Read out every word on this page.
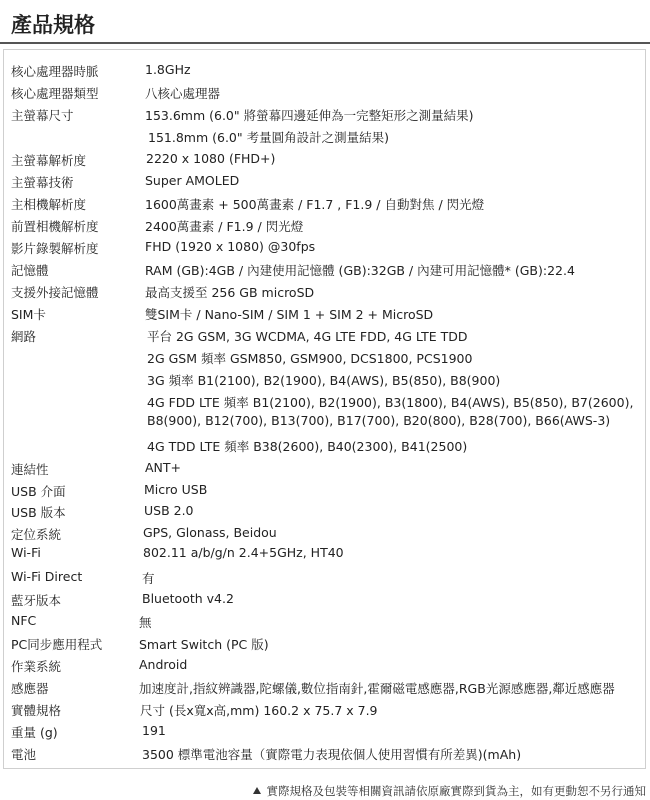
產品規格
核心處理器時脈	1.8GHz
核心處理器類型	八核心處理器
主螢幕尺寸	153.6mm (6.0" 將螢幕四邊延伸為一完整矩形之測量結果)
151.8mm (6.0" 考量圓角設計之測量結果)
主螢幕解析度	2220 x 1080 (FHD+)
主螢幕技術	Super AMOLED
主相機解析度	1600萬畫素 + 500萬畫素 / F1.7 , F1.9 / 自動對焦 / 閃光燈
前置相機解析度	2400萬畫素 / F1.9 / 閃光燈
影片錄製解析度	FHD (1920 x 1080) @30fps
記憶體	RAM (GB):4GB / 內建使用記憶體 (GB):32GB / 內建可用記憶體* (GB):22.4
支援外接記憶體	最高支援至 256 GB microSD
SIM卡	雙SIM卡 / Nano-SIM / SIM 1 + SIM 2 + MicroSD
網路	平台 2G GSM, 3G WCDMA, 4G LTE FDD, 4G LTE TDD
2G GSM 頻率 GSM850, GSM900, DCS1800, PCS1900
3G 頻率 B1(2100), B2(1900), B4(AWS), B5(850), B8(900)
4G FDD LTE 頻率 B1(2100), B2(1900), B3(1800), B4(AWS), B5(850), B7(2600),
B8(900), B12(700), B13(700), B17(700), B20(800), B28(700), B66(AWS-3)
4G TDD LTE 頻率 B38(2600), B40(2300), B41(2500)
連結性	ANT+
USB 介面	Micro USB
USB 版本	USB 2.0
定位系統	GPS, Glonass, Beidou
Wi-Fi	802.11 a/b/g/n 2.4+5GHz, HT40
Wi-Fi Direct	有
藍牙版本	Bluetooth v4.2
NFC	無
PC同步應用程式	Smart Switch (PC 版)
作業系統	Android
感應器	加速度計,指紋辨識器,陀螺儀,數位指南針,霍爾磁電感應器,RGB光源感應器,鄰近感應器
實體規格	尺寸 (長x寬x高,mm) 160.2 x 75.7 x 7.9
重量 (g)	191
電池	3500 標準電池容量（實際電力表現依個人使用習慣有所差異)(mAh)
實際規格及包裝等相關資訊請依原廠實際到貨為主，如有更動恕不另行通知
